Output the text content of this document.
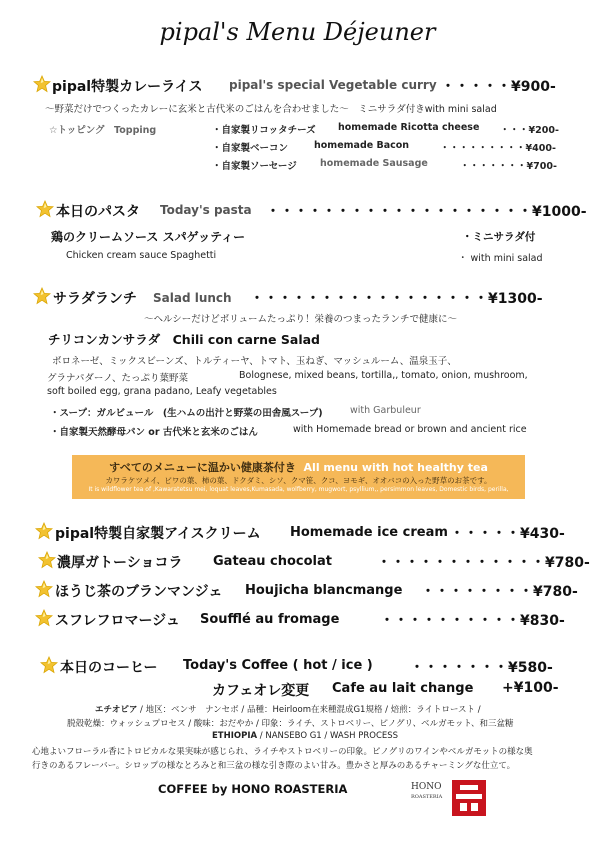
pipal's Menu Déjeuner
pipal特製カレーライス pipal's special Vegetable curry ・・・・・¥900-
〜野菜だけでつくったカレーに玄米と古代米のごはんを合わせました〜　ミニサラダ付きwith mini salad
☆トッピング　Topping	・自家製リコッタチーズ homemade Ricotta cheese ・・・¥200-
・自家製ベーコン	homemade Bacon	・・・・・・・・・¥400-
・自家製ソーセージ homemade Sausage	・・・・・・・¥700-
本日のパスタ Today's pasta ・・・・・・・・・・・・・・・・・・・¥1000-
鶏のクリームソース スパゲッティー	・ミニサラダ付
Chicken cream sauce Spaghetti	・ with mini salad
サラダランチ Salad lunch ・・・・・・・・・・・・・・・・・¥1300-
〜ヘルシーだけどボリュームたっぷり！栄養のつまったランチで健康に〜
チリコンカンサラダ　Chili con carne Salad
ボロネーゼ、ミックスビーンズ、トルティーヤ、トマト、玉ねぎ、マッシュルーム、温泉玉子、
グラナパダーノ、たっぷり葉野菜	Bolognese, mixed beans, tortilla,, tomato, onion, mushroom,
soft boiled egg, grana padano, Leafy vegetables
・スープ：ガルビュール　(生ハムの出汁と野菜の田舎風スープ)	with Garbuleur
・自家製天然酵母パン or 古代米と玄米のごはん	with Homemade bread or brown and ancient rice
すべてのメニューに温かい健康茶付き All menu with hot healthy tea
カワラケツメイ、ビワの葉、柿の葉、ドクダミ、シソ、クマ笹、クコ、ヨモギ、オオバコの入った野草のお茶です。
It is wildflower tea of ,Kawaratetsu mei, loquat leaves,Kumasada, wolfberry, mugwort, psyllium,, persimmon leaves, Domestic birds, perilla,
pipal特製自家製アイスクリーム Homemade ice cream ・・・・・¥430-
濃厚ガトーショコラ Gateau chocolat	・・・・・・・・・・・・¥780-
ほうじ茶のブランマンジェ Houjicha blancmange ・・・・・・・・¥780-
スフレフロマージュ Soufflé au fromage	・・・・・・・・・・¥830-
本日のコーヒー Today's Coffee ( hot / ice )	・・・・・・・¥580-
カフェオレ変更 Cafe au lait change +¥100-
エチオピア / 地区：ベンサ　ナンセボ / 品種：Heirloom在来種混成G1規格 / 焙煎：ライトロースト /
脱殻乾燥：ウォッシュプロセス / 酸味：おだやか / 印象：ライチ、ストロベリー、ピノグリ、ベルガモット、和三盆糖
ETHIOPIA / NANSEBO G1 / WASH PROCESS
心地よいフローラル香にトロピカルな果実味が感じられ、ライチやストロベリーの印象。ピノグリのワインやベルガモットの様な奥
行きのあるフレーバー。シロップの様なとろみと和三盆の様な引き際のよい甘み。豊かさと厚みのあるチャーミングな仕立て。
COFFEE by HONO ROASTERIA	HONO
ROASTERIA
